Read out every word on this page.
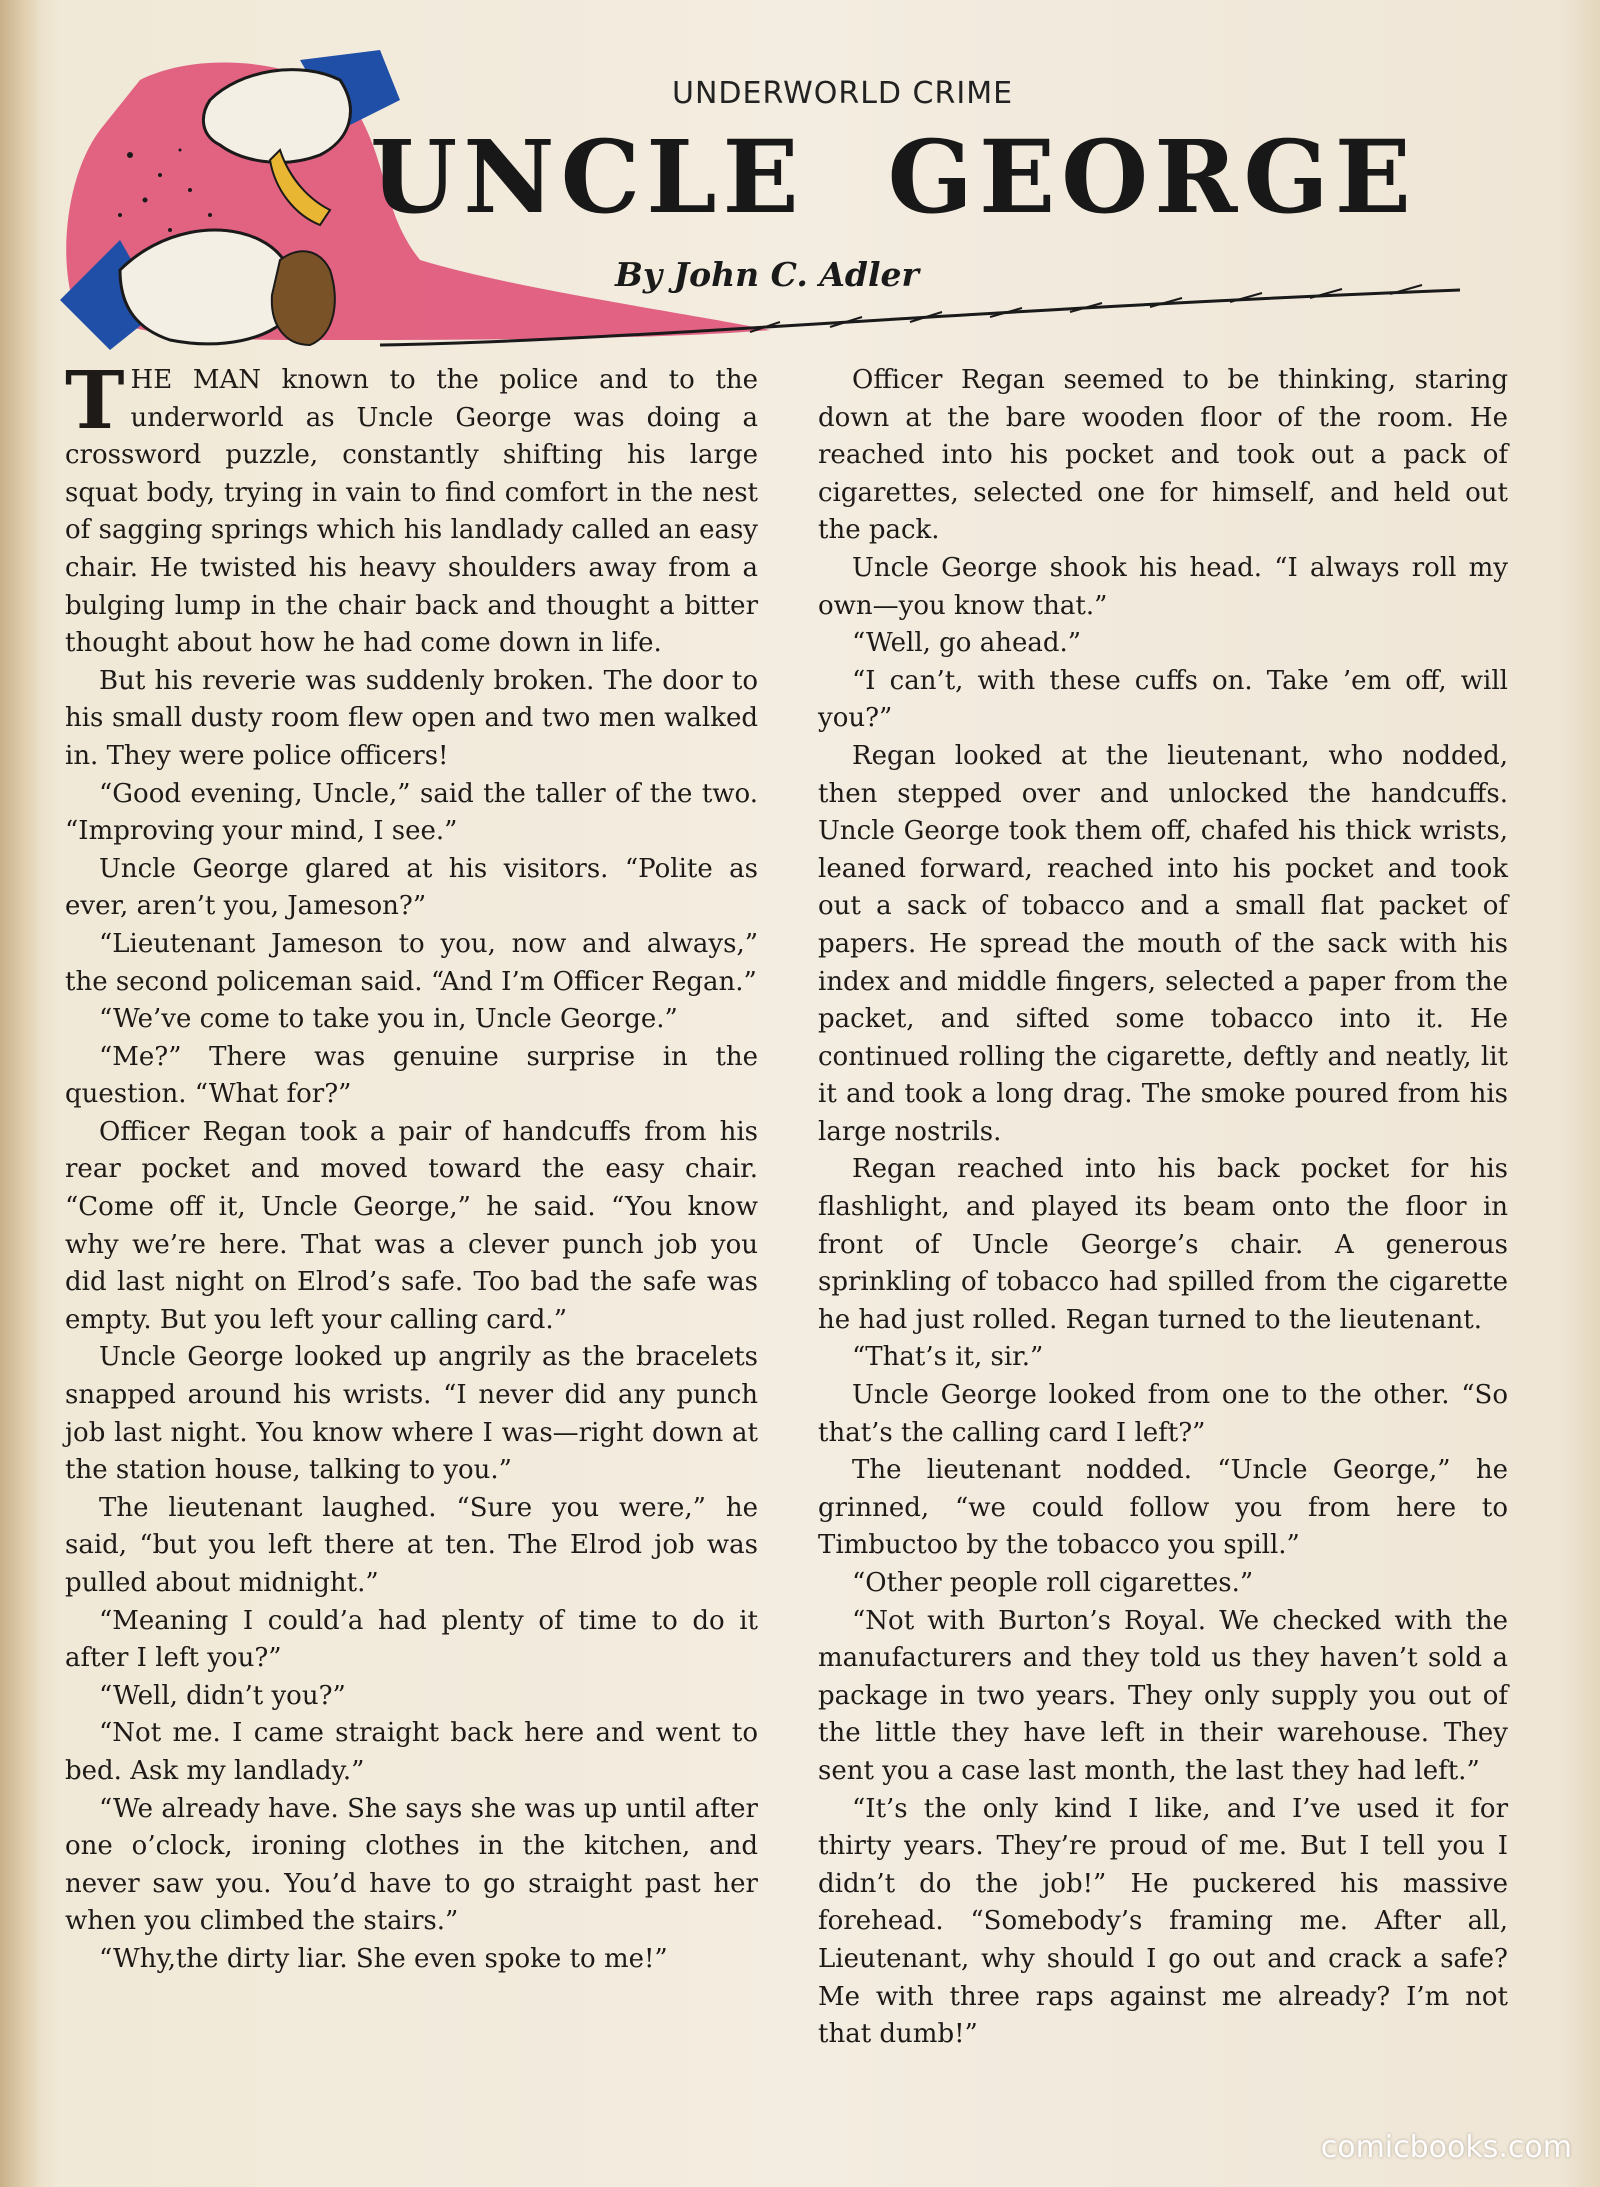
UNDERWORLD CRIME
UNCLE GEORGE
By John C. Adler

THE MAN known to the police and to the underworld as Uncle George was doing a crossword puzzle, constantly shifting his large squat body, trying in vain to find comfort in the nest of sagging springs which his landlady called an easy chair. He twisted his heavy shoulders away from a bulging lump in the chair back and thought a bitter thought about how he had come down in life.

But his reverie was suddenly broken. The door to his small dusty room flew open and two men walked in. They were police officers!

“Good evening, Uncle,” said the taller of the two. “Improving your mind, I see.”

Uncle George glared at his visitors. “Polite as ever, aren’t you, Jameson?”

“Lieutenant Jameson to you, now and always,” the second policeman said. “And I’m Officer Regan.”

“We’ve come to take you in, Uncle George.”

“Me?” There was genuine surprise in the question. “What for?”

Officer Regan took a pair of handcuffs from his rear pocket and moved toward the easy chair. “Come off it, Uncle George,” he said. “You know why we’re here. That was a clever punch job you did last night on Elrod’s safe. Too bad the safe was empty. But you left your calling card.”

Uncle George looked up angrily as the bracelets snapped around his wrists. “I never did any punch job last night. You know where I was—right down at the station house, talking to you.”

The lieutenant laughed. “Sure you were,” he said, “but you left there at ten. The Elrod job was pulled about midnight.”

“Meaning I could’a had plenty of time to do it after I left you?”

“Well, didn’t you?”

“Not me. I came straight back here and went to bed. Ask my landlady.”

“We already have. She says she was up until after one o’clock, ironing clothes in the kitchen, and never saw you. You’d have to go straight past her when you climbed the stairs.”

“Why,the dirty liar. She even spoke to me!”

Officer Regan seemed to be thinking, staring down at the bare wooden floor of the room. He reached into his pocket and took out a pack of cigarettes, selected one for himself, and held out the pack.

Uncle George shook his head. “I always roll my own—you know that.”

“Well, go ahead.”

“I can’t, with these cuffs on. Take ’em off, will you?”

Regan looked at the lieutenant, who nodded, then stepped over and unlocked the handcuffs. Uncle George took them off, chafed his thick wrists, leaned forward, reached into his pocket and took out a sack of tobacco and a small flat packet of papers. He spread the mouth of the sack with his index and middle fingers, selected a paper from the packet, and sifted some tobacco into it. He continued rolling the cigarette, deftly and neatly, lit it and took a long drag. The smoke poured from his large nostrils.

Regan reached into his back pocket for his flashlight, and played its beam onto the floor in front of Uncle George’s chair. A generous sprinkling of tobacco had spilled from the cigarette he had just rolled. Regan turned to the lieutenant.

“That’s it, sir.”

Uncle George looked from one to the other. “So that’s the calling card I left?”

The lieutenant nodded. “Uncle George,” he grinned, “we could follow you from here to Timbuctoo by the tobacco you spill.”

“Other people roll cigarettes.”

“Not with Burton’s Royal. We checked with the manufacturers and they told us they haven’t sold a package in two years. They only supply you out of the little they have left in their warehouse. They sent you a case last month, the last they had left.”

“It’s the only kind I like, and I’ve used it for thirty years. They’re proud of me. But I tell you I didn’t do the job!” He puckered his massive forehead. “Somebody’s framing me. After all, Lieutenant, why should I go out and crack a safe? Me with three raps against me already? I’m not that dumb!”

comicbooks.com
